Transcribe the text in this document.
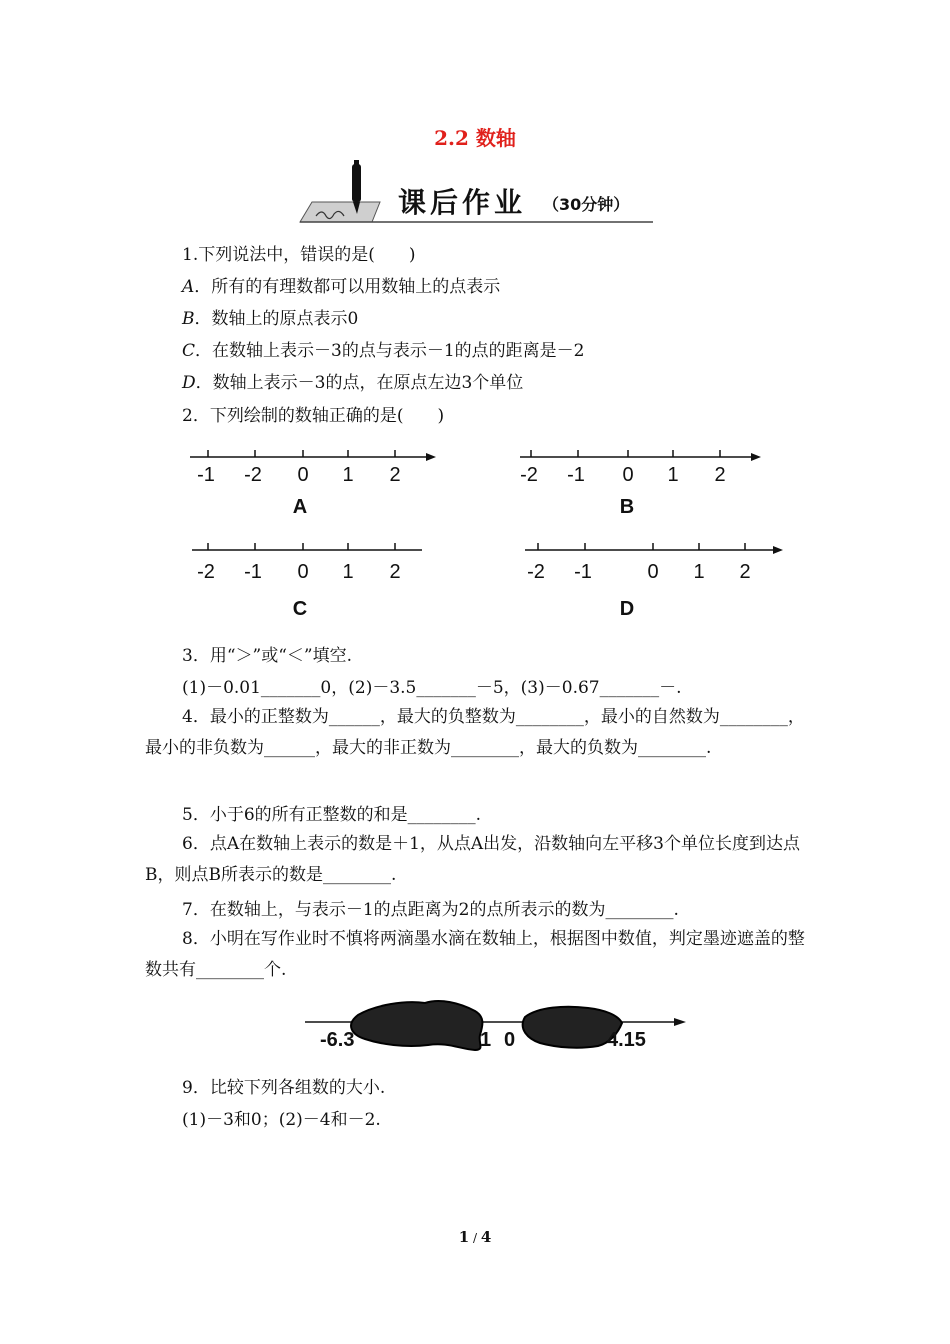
2.2 数轴
课后作业 （30分钟）
1.下列说法中，错误的是(　　)
A．所有的有理数都可以用数轴上的点表示
B．数轴上的原点表示0
C．在数轴上表示－3的点与表示－1的点的距离是－2
D．数轴上表示－3的点，在原点左边3个单位
2．下列绘制的数轴正确的是(　　)
-1 -2 0 1 2
A
-2 -1 0 1 2
B
-2 -1 0 1 2
C
-2 -1	0 1 2
D
3．用“＞”或“＜”填空.
(1)－0.01_______0，(2)－3.5_______－5，(3)－0.67_______－.
4．最小的正整数为______，最大的负整数为________，最小的自然数为________，最小的非负数为______，最大的非正数为________，最大的负数为________.
5．小于6的所有正整数的和是________.
6．点A在数轴上表示的数是＋1，从点A出发，沿数轴向左平移3个单位长度到达点B，则点B所表示的数是________.
7．在数轴上，与表示－1的点距离为2的点所表示的数为________.
8．小明在写作业时不慎将两滴墨水滴在数轴上，根据图中数值，判定墨迹遮盖的整数共有________个.
-6.3	1 0	4.15
9．比较下列各组数的大小.
(1)－3和0；(2)－4和－2.
1 / 4
